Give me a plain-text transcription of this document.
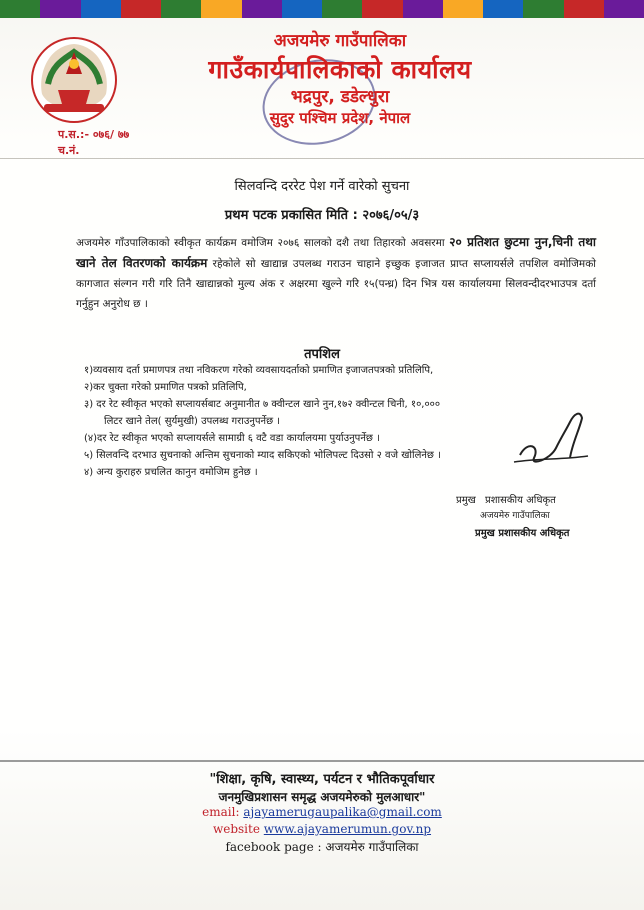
अजयमेरु गाउँपालिका
गाउँकार्यपालिकाको कार्यालय
भद्रपुर, डडेल्धुरा
सुदुर पश्चिम प्रदेश, नेपाल
प.स.:- ०७६/ ७७
च.नं.
सिलवन्दि दररेट पेश गर्ने वारेको सुचना
प्रथम पटक प्रकासित मिति : २०७६/०५/३
अजयमेरु गाँउपालिकाको स्वीकृत कार्यक्रम वमोजिम २०७६ सालको दशै तथा तिहारको अवसरमा २० प्रतिशत छुटमा नुन,चिनी तथा खाने तेल वितरणको कार्यक्रम रहेकोले सो खाद्यान्न उपलब्ध गराउन चाहाने इच्छुक इजाजत प्राप्त सप्लायर्सले तपशिल वमोजिमको कागजात संल्गन गरी गरि तिनै खाद्यान्नको मुल्य अंक र अक्षरमा खुल्ने गरि १५(पन्ध्र) दिन भित्र यस कार्यालयमा सिलवन्दीदरभाउपत्र दर्ता गर्नुहुन अनुरोध छ ।
तपशिल
१)व्यवसाय दर्ता प्रमाणपत्र तथा नविकरण गरेको व्यवसायदर्ताको प्रमाणित इजाजतपत्रको प्रतिलिपि,
२)कर चुक्ता गरेको प्रमाणित पत्रको प्रतिलिपि,
३) दर रेट स्वीकृत भएको सप्लायर्सबाट अनुमानीत ७ क्वीन्टल खाने नुन,१७२ क्वीन्टल चिनी, १०,०००
लिटर खाने तेल( सुर्यमुखी) उपलब्ध गराउनुपर्नेछ ।
(४)दर रेट स्वीकृत भएको सप्लायर्सले सामाग्री ६ वटै वडा कार्यालयमा पुर्याउनुपर्नेछ ।
५) सिलवन्दि दरभाउ सुचनाको अन्तिम सुचनाको म्याद सकिएको भोलिपल्ट दिउसो २ वजे खोलिनेछ ।
४) अन्य कुराहरु प्रचलित कानुन वमोजिम हुनेछ ।
प्रमुख प्रशासकीय अधिकृत
अजयमेरु गाउँपालिका
प्रमुख प्रशासकीय अधिकृत
"शिक्षा, कृषि, स्वास्थ्य, पर्यटन र भौतिकपूर्वाधार
जनमुखिप्रशासन समृद्ध अजयमेरुको मुलआधार"
email: ajayamerugaupalika@gmail.com
website www.ajayamerumun.gov.np
facebook page : अजयमेरु गाउँपालिका
